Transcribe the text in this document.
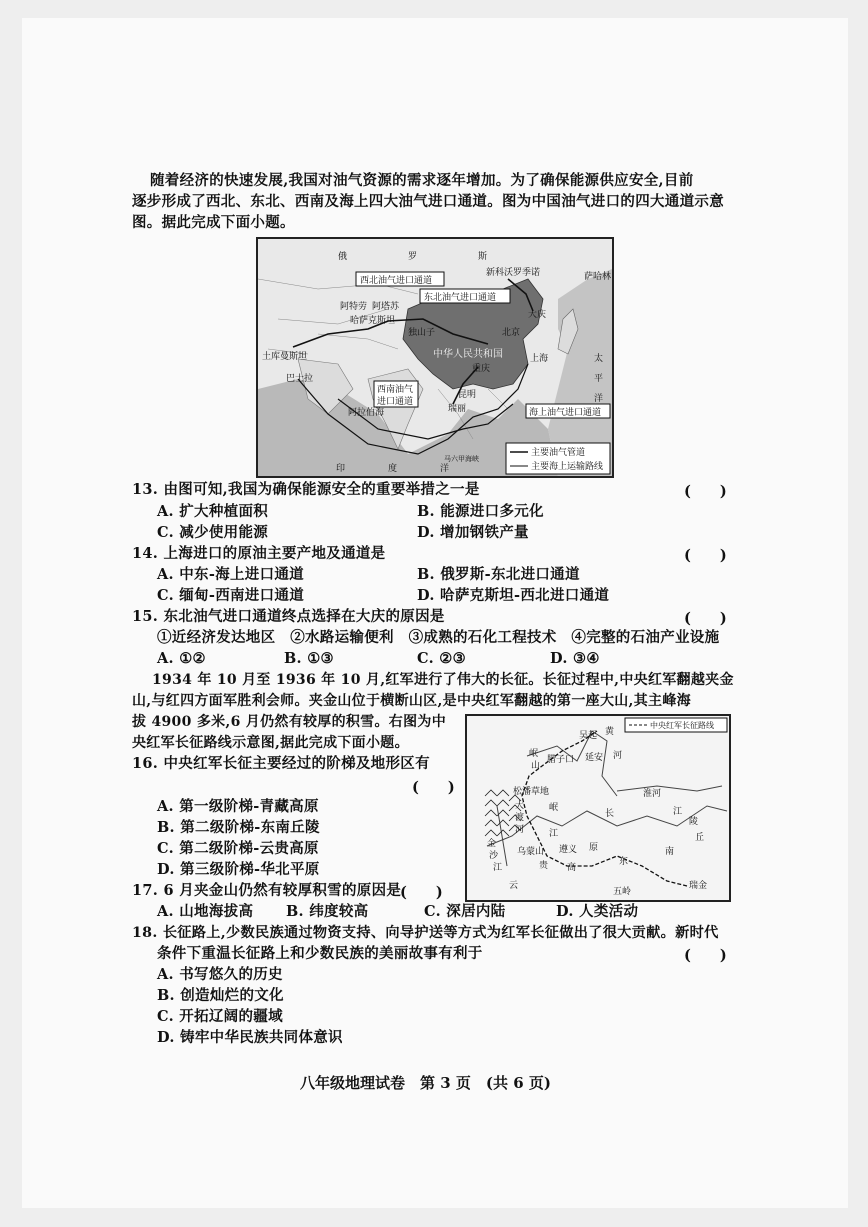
随着经济的快速发展,我国对油气资源的需求逐年增加。为了确保能源供应安全,目前
逐步形成了西北、东北、西南及海上四大油气进口通道。图为中国油气进口的四大通道示意
图。据此完成下面小题。
俄	罗	斯
西北油气进口通道
东北油气进口通道
新科沃罗季诺
阿塔苏
阿特劳
哈萨克斯坦
独山子
大庆
北京
中华人民共和国
重庆
土库曼斯坦
巴士拉
西南油气
进口通道
昆明
瑞丽	海上油气进口通道
阿拉伯海
印	度	洋
太
平
洋
萨哈林
上海
马六甲海峡
主要油气管道
主要海上运输路线
13. 由图可知,我国为确保能源安全的重要举措之一是	(　　)
A. 扩大种植面积	B. 能源进口多元化
C. 减少使用能源	D. 增加钢铁产量
14. 上海进口的原油主要产地及通道是	(　　)
A. 中东-海上进口通道	B. 俄罗斯-东北进口通道
C. 缅甸-西南进口通道	D. 哈萨克斯坦-西北进口通道
15. 东北油气进口通道终点选择在大庆的原因是	(　　)
①近经济发达地区　②水路运输便利　③成熟的石化工程技术　④完整的石油产业设施
A. ①②	B. ①③	C. ②③	D. ③④
1934 年 10 月至 1936 年 10 月,红军进行了伟大的长征。长征过程中,中央红军翻越夹金
山,与红四方面军胜利会师。夹金山位于横断山区,是中央红军翻越的第一座大山,其主峰海
拔 4900 多米,6 月仍然有较厚的积雪。右图为中
央红军长征路线示意图,据此完成下面小题。
中央红军长征路线
吴起 黄
延安 河
岷
山
腊子口
松潘草地	淮河
大
渡
河
岷
江
长	江
金
沙
江
乌蒙山 遵义 原
贵 高
云
东
南
丘
陵
瑞金
五岭
16. 中央红军长征主要经过的阶梯及地形区有
(　　)
A. 第一级阶梯-青藏高原
B. 第二级阶梯-东南丘陵
C. 第二级阶梯-云贵高原
D. 第三级阶梯-华北平原
17. 6 月夹金山仍然有较厚积雪的原因是
(　　)
A. 山地海拔高 B. 纬度较高	C. 深居内陆	D. 人类活动
18. 长征路上,少数民族通过物资支持、向导护送等方式为红军长征做出了很大贡献。新时代
条件下重温长征路上和少数民族的美丽故事有利于	(　　)
A. 书写悠久的历史
B. 创造灿烂的文化
C. 开拓辽阔的疆域
D. 铸牢中华民族共同体意识
八年级地理试卷　第 3 页　(共 6 页)
